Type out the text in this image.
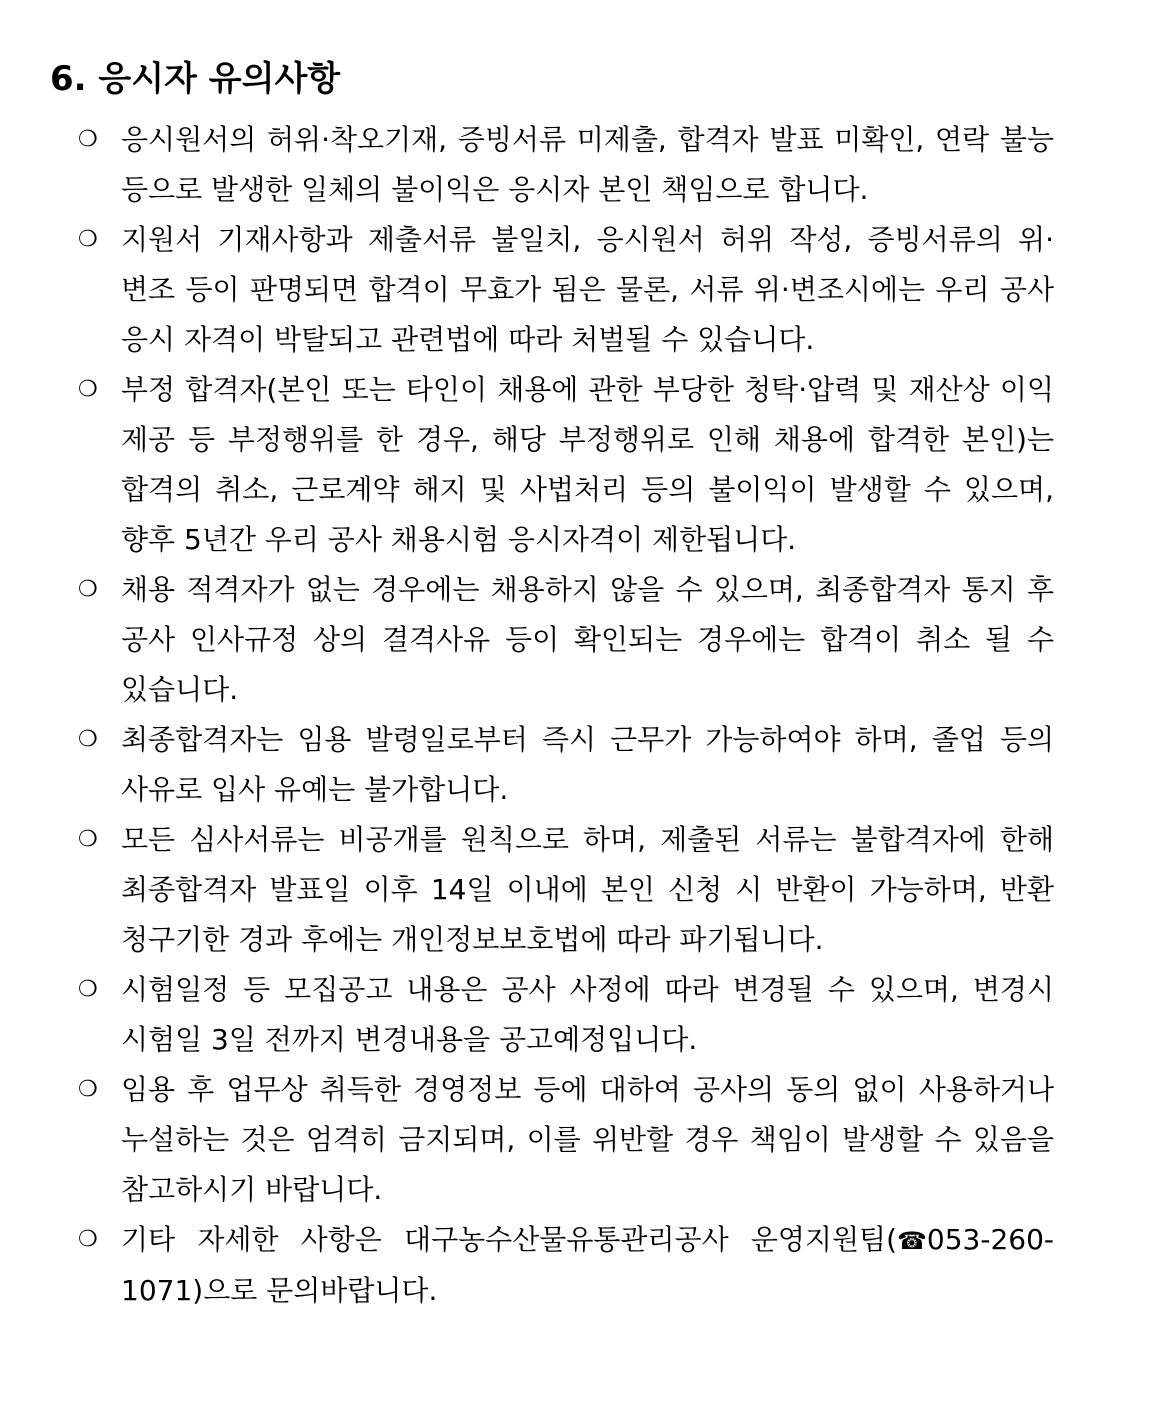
6. 응시자 유의사항
❍ 응시원서의 허위·착오기재, 증빙서류 미제출, 합격자 발표 미확인, 연락 불능 등으로 발생한 일체의 불이익은 응시자 본인 책임으로 합니다.
❍ 지원서 기재사항과 제출서류 불일치, 응시원서 허위 작성, 증빙서류의 위·변조 등이 판명되면 합격이 무효가 됨은 물론, 서류 위·변조시에는 우리 공사 응시 자격이 박탈되고 관련법에 따라 처벌될 수 있습니다.
❍ 부정 합격자(본인 또는 타인이 채용에 관한 부당한 청탁·압력 및 재산상 이익 제공 등 부정행위를 한 경우, 해당 부정행위로 인해 채용에 합격한 본인)는 합격의 취소, 근로계약 해지 및 사법처리 등의 불이익이 발생할 수 있으며, 향후 5년간 우리 공사 채용시험 응시자격이 제한됩니다.
❍ 채용 적격자가 없는 경우에는 채용하지 않을 수 있으며, 최종합격자 통지 후 공사 인사규정 상의 결격사유 등이 확인되는 경우에는 합격이 취소 될 수 있습니다.
❍ 최종합격자는 임용 발령일로부터 즉시 근무가 가능하여야 하며, 졸업 등의 사유로 입사 유예는 불가합니다.
❍ 모든 심사서류는 비공개를 원칙으로 하며, 제출된 서류는 불합격자에 한해 최종합격자 발표일 이후 14일 이내에 본인 신청 시 반환이 가능하며, 반환 청구기한 경과 후에는 개인정보보호법에 따라 파기됩니다.
❍ 시험일정 등 모집공고 내용은 공사 사정에 따라 변경될 수 있으며, 변경시 시험일 3일 전까지 변경내용을 공고예정입니다.
❍ 임용 후 업무상 취득한 경영정보 등에 대하여 공사의 동의 없이 사용하거나 누설하는 것은 엄격히 금지되며, 이를 위반할 경우 책임이 발생할 수 있음을 참고하시기 바랍니다.
❍ 기타 자세한 사항은 대구농수산물유통관리공사 운영지원팀(☎053-260-1071)으로 문의바랍니다.
